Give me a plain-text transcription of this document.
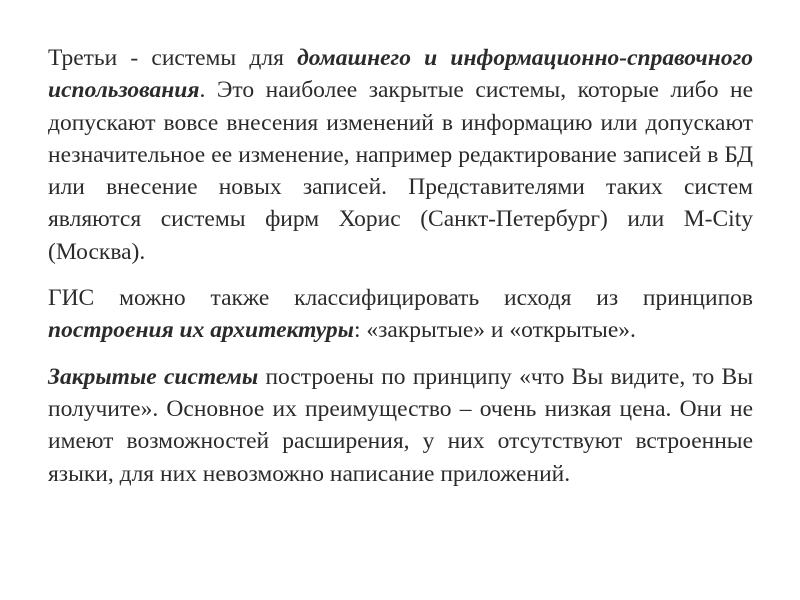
Третьи - системы для домашнего и информационно-справочного использования. Это наиболее закрытые системы, которые либо не допускают вовсе внесения изменений в информацию или допускают незначительное ее изменение, например редактирование записей в БД или внесение новых записей. Представителями таких систем являются системы фирм Хорис (Санкт-Петербург) или M-City (Москва).

ГИС можно также классифицировать исходя из принципов построения их архитектуры: «закрытые» и «открытые».

Закрытые системы построены по принципу «что Вы видите, то Вы получите». Основное их преимущество – очень низкая цена. Они не имеют возможностей расширения, у них отсутствуют встроенные языки, для них невозможно написание приложений.
